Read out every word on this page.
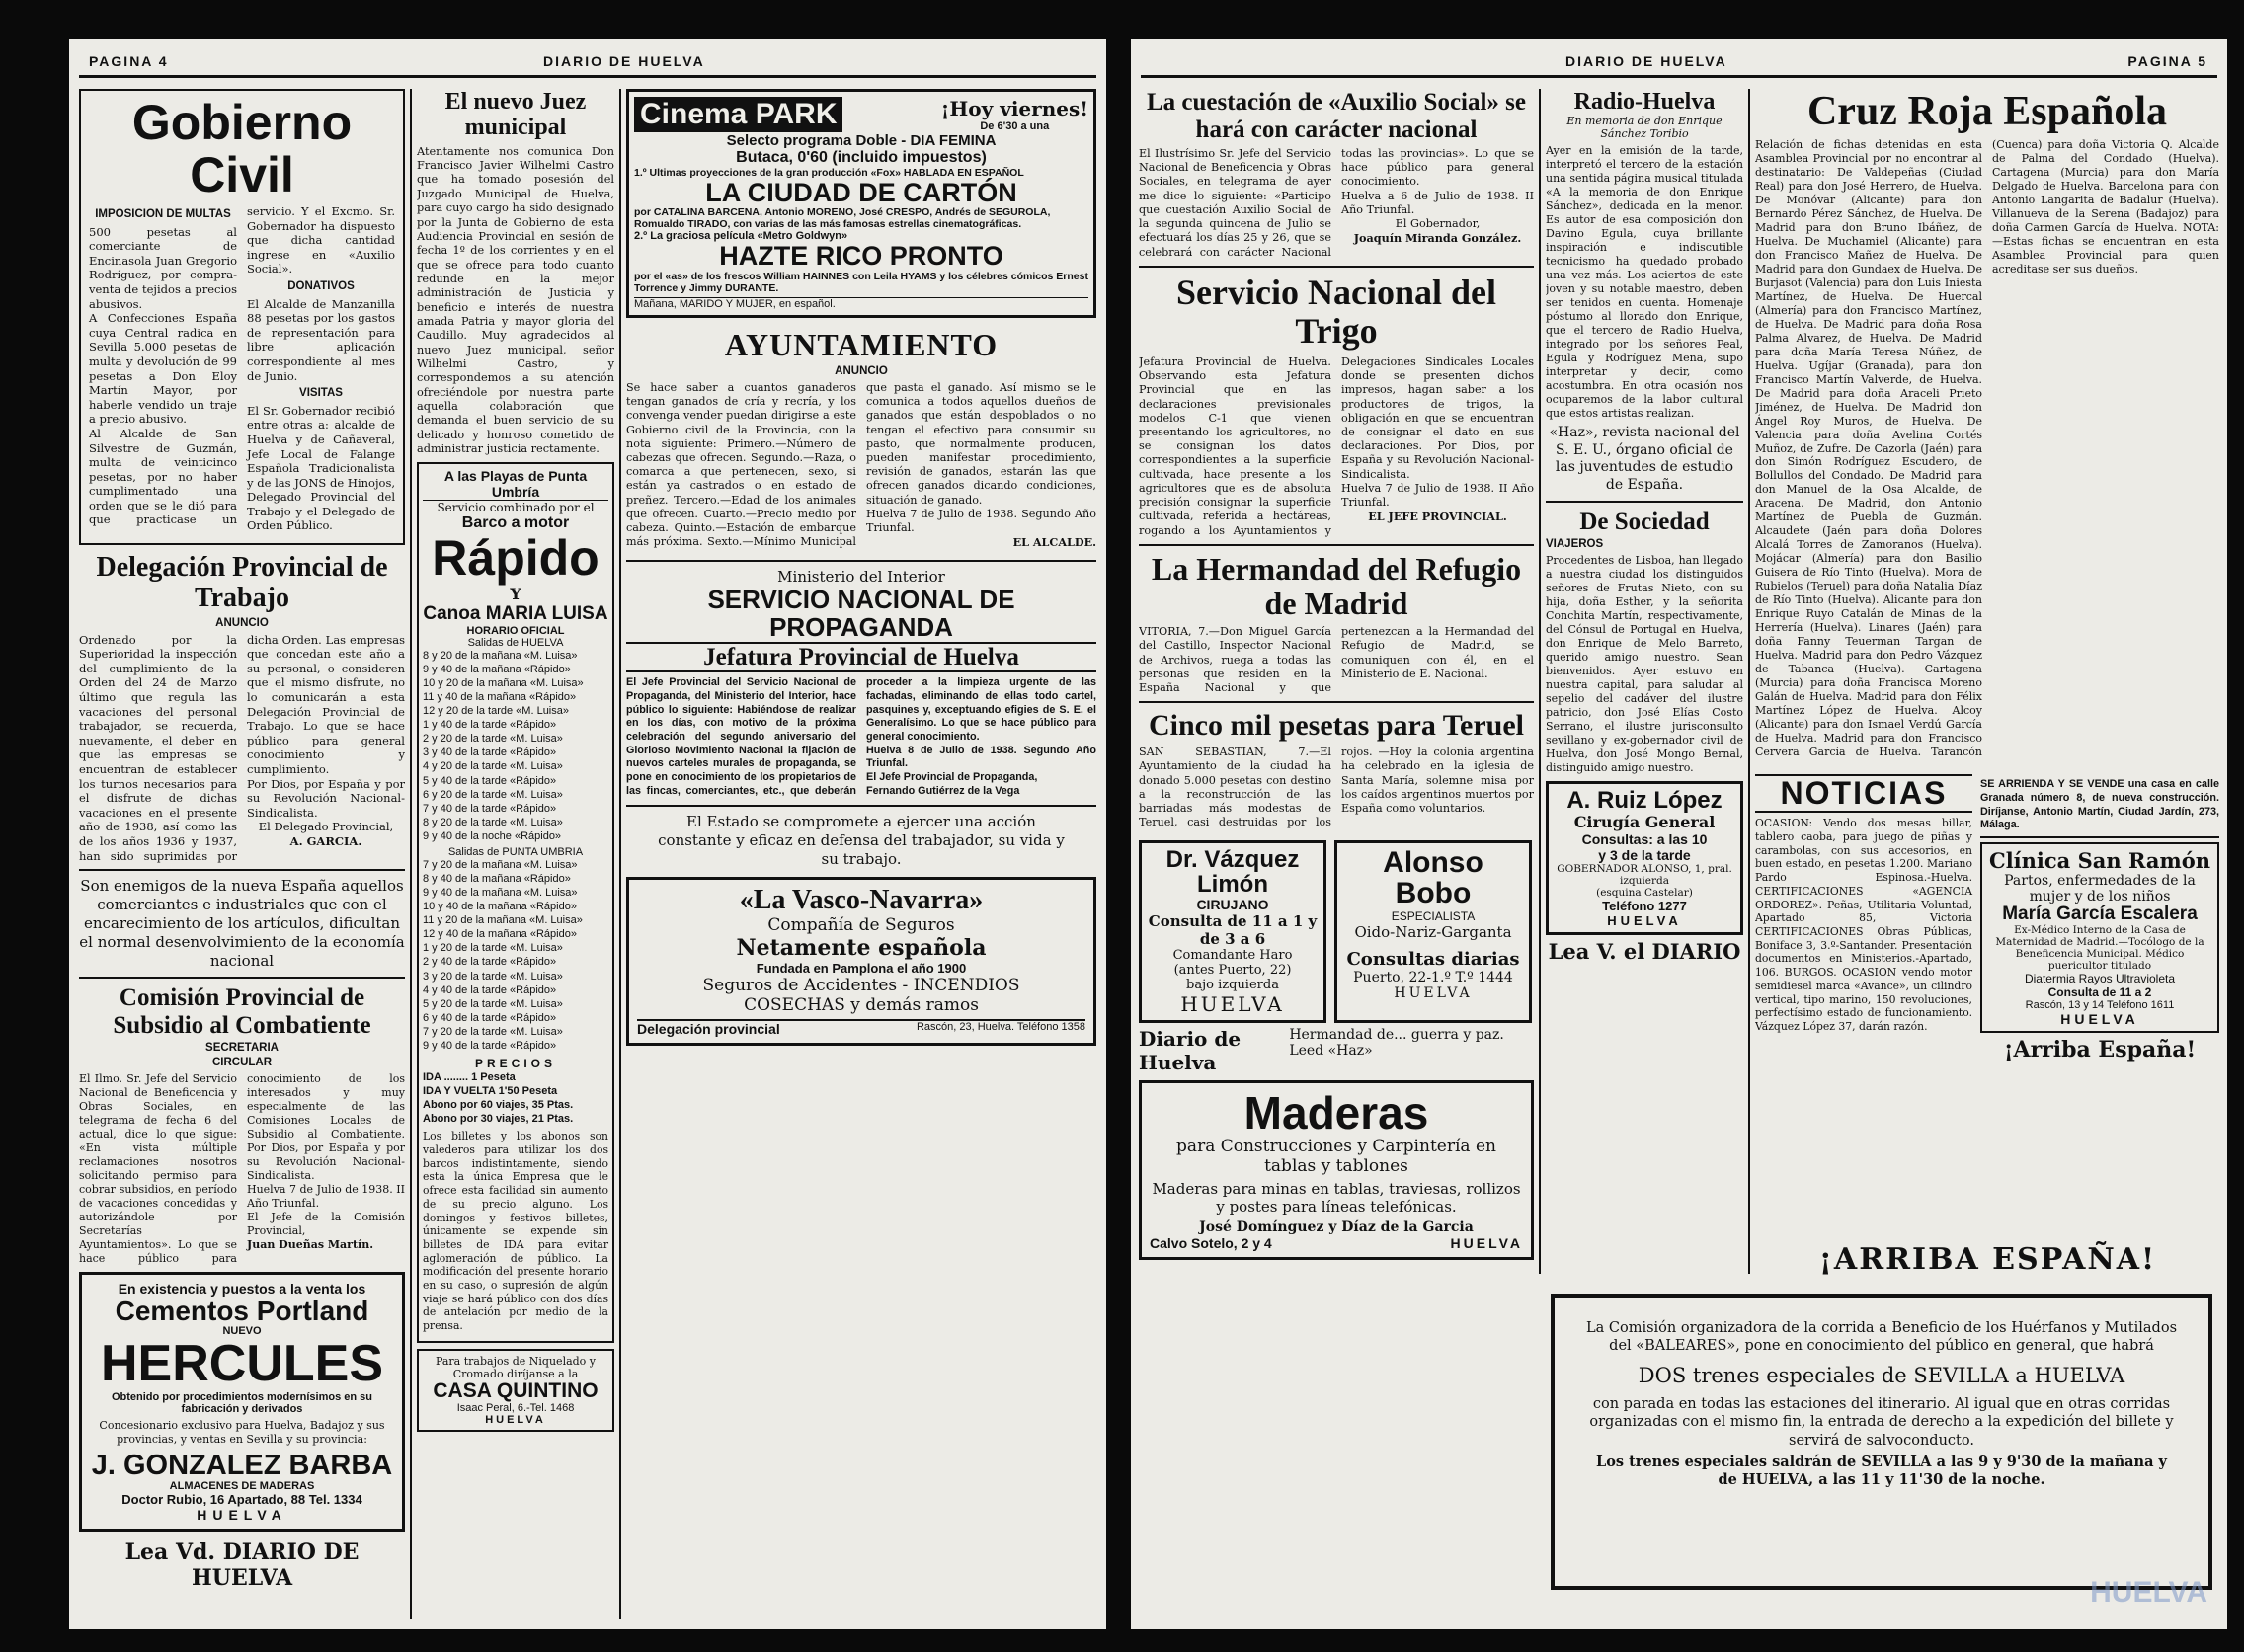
PAGINA 4	DIARIO DE HUELVA
Gobierno Civil
IMPOSICION DE MULTAS
500 pesetas al comerciante de Encinasola Juan Gregorio Rodríguez, por compra-venta de tejidos a precios abusivos.
A Confecciones España cuya Central radica en Sevilla 5.000 pesetas de multa y devolución de 99 pesetas a Don Eloy Martín Mayor, por haberle vendido un traje a precio abusivo.
Al Alcalde de San Silvestre de Guzmán, multa de veinticinco pesetas, por no haber cumplimentado una orden que se le dió para que practicase un servicio. Y el Excmo. Sr. Gobernador ha dispuesto que dicha cantidad ingrese en «Auxilio Social».
DONATIVOS
El Alcalde de Manzanilla 88 pesetas por los gastos de representación para libre aplicación correspondiente al mes de Junio.
VISITAS
El Sr. Gobernador recibió entre otras a: alcalde de Huelva y de Cañaveral, Jefe Local de Falange Española Tradicionalista y de las JONS de Hinojos, Delegado Provincial del Trabajo y el Delegado de Orden Público.
Delegación Provincial de Trabajo
ANUNCIO
Ordenado por la Superioridad la inspección del cumplimiento de la Orden del 24 de Marzo último que regula las vacaciones del personal trabajador, se recuerda, nuevamente, el deber en que las empresas se encuentran de establecer los turnos necesarios para el disfrute de dichas vacaciones en el presente año de 1938, así como las de los años 1936 y 1937, han sido suprimidas por dicha Orden. Las empresas que concedan este año a su personal, o consideren que el mismo disfrute, no lo comunicarán a esta Delegación Provincial de Trabajo. Lo que se hace público para general conocimiento y cumplimiento.
Por Dios, por España y por su Revolución Nacional-Sindicalista.
El Delegado Provincial,
A. GARCIA.
Son enemigos de la nueva España aquellos comerciantes e industriales que con el encarecimiento de los artículos, dificultan el normal desenvolvimiento de la economía nacional
Comisión Provincial de Subsidio al Combatiente
SECRETARIA
CIRCULAR
El Ilmo. Sr. Jefe del Servicio Nacional de Beneficencia y Obras Sociales, en telegrama de fecha 6 del actual, dice lo que sigue: «En vista múltiple reclamaciones nosotros solicitando permiso para cobrar subsidios, en período de vacaciones concedidas y autorizándole por Secretarías Ayuntamientos». Lo que se hace público para conocimiento de los interesados y muy especialmente de las Comisiones Locales de Subsidio al Combatiente. Por Dios, por España y por su Revolución Nacional-Sindicalista.
Huelva 7 de Julio de 1938. II Año Triunfal.
El Jefe de la Comisión Provincial,
Juan Dueñas Martín.
En existencia y puestos a la venta los
Cementos Portland
NUEVO
HERCULES
Obtenido por procedimientos modernísimos en su fabricación y derivados
Concesionario exclusivo para Huelva, Badajoz y sus provincias, y ventas en Sevilla y su provincia:
J. GONZALEZ BARBA
ALMACENES DE MADERAS
Doctor Rubio, 16 Apartado, 88 Tel. 1334
HUELVA
Lea Vd. DIARIO DE HUELVA
El nuevo Juez municipal
Atentamente nos comunica Don Francisco Javier Wilhelmi Castro que ha tomado posesión del Juzgado Municipal de Huelva, para cuyo cargo ha sido designado por la Junta de Gobierno de esta Audiencia Provincial en sesión de fecha 1º de los corrientes y en el que se ofrece para todo cuanto redunde en la mejor administración de Justicia y beneficio e interés de nuestra amada Patria y mayor gloria del Caudillo. Muy agradecidos al nuevo Juez municipal, señor Wilhelmi Castro, y correspondemos a su atención ofreciéndole por nuestra parte aquella colaboración que demanda el buen servicio de su delicado y honroso cometido de administrar justicia rectamente.
A las Playas de Punta Umbría
Servicio combinado por el
Barco a motor
Rápido
Y
Canoa MARIA LUISA
HORARIO OFICIAL
Salidas de HUELVA
8 y 20 de la mañana «M. Luisa»
9 y 40 de la mañana «Rápido»
10 y 20 de la mañana «M. Luisa»
11 y 40 de la mañana «Rápido»
12 y 20 de la tarde «M. Luisa»
1 y 40 de la tarde «Rápido»
2 y 20 de la tarde «M. Luisa»
3 y 40 de la tarde «Rápido»
4 y 20 de la tarde «M. Luisa»
5 y 40 de la tarde «Rápido»
6 y 20 de la tarde «M. Luisa»
7 y 40 de la tarde «Rápido»
8 y 20 de la tarde «M. Luisa»
9 y 40 de la noche «Rápido»
Salidas de PUNTA UMBRIA
7 y 20 de la mañana «M. Luisa»
8 y 40 de la mañana «Rápido»
9 y 40 de la mañana «M. Luisa»
10 y 40 de la mañana «Rápido»
11 y 20 de la mañana «M. Luisa»
12 y 40 de la mañana «Rápido»
1 y 20 de la tarde «M. Luisa»
2 y 40 de la tarde «Rápido»
3 y 20 de la tarde «M. Luisa»
4 y 40 de la tarde «Rápido»
5 y 20 de la tarde «M. Luisa»
6 y 40 de la tarde «Rápido»
7 y 20 de la tarde «M. Luisa»
9 y 40 de la tarde «Rápido»
PRECIOS
IDA ........ 1 Peseta
IDA Y VUELTA 1'50 Peseta
Abono por 60 viajes, 35 Ptas.
Abono por 30 viajes, 21 Ptas.
Los billetes y los abonos son valederos para utilizar los dos barcos indistintamente, siendo esta la única Empresa que le ofrece esta facilidad sin aumento de su precio alguno. Los domingos y festivos billetes, únicamente se expende sin billetes de IDA para evitar aglomeración de público. La modificación del presente horario en su caso, o supresión de algún viaje se hará público con dos días de antelación por medio de la prensa.
Para trabajos de Niquelado y Cromado diríjanse a la
CASA QUINTINO
Isaac Peral, 6.-Tel. 1468
HUELVA
Cinema PARK	¡Hoy viernes!
De 6'30 a una
Selecto programa Doble - DIA FEMINA
Butaca, 0'60 (incluido impuestos)
1.º Ultimas proyecciones de la gran producción «Fox» HABLADA EN ESPAÑOL
LA CIUDAD DE CARTÓN
por CATALINA BARCENA, Antonio MORENO, José CRESPO, Andrés de SEGUROLA, Romualdo TIRADO, con varias de las más famosas estrellas cinematográficas.
2.º La graciosa película «Metro Goldwyn»
HAZTE RICO PRONTO
por el «as» de los frescos William HAINNES con Leila HYAMS y los célebres cómicos Ernest Torrence y Jimmy DURANTE.
Mañana, MARIDO Y MUJER, en español.
AYUNTAMIENTO
ANUNCIO
Se hace saber a cuantos ganaderos tengan ganados de cría y recría, y los convenga vender puedan dirigirse a este Gobierno civil de la Provincia, con la nota siguiente: Primero.—Número de cabezas que ofrecen. Segundo.—Raza, o comarca a que pertenecen, sexo, si están ya castrados o en estado de preñez. Tercero.—Edad de los animales que ofrecen. Cuarto.—Precio medio por cabeza. Quinto.—Estación de embarque más próxima. Sexto.—Mínimo Municipal que pasta el ganado. Así mismo se le comunica a todos aquellos dueños de ganados que están despoblados o no tengan el efectivo para consumir su pasto, que normalmente producen, pueden manifestar procedimiento, revisión de ganados, estarán las que ofrecen ganados dicando condiciones, situación de ganado.
Huelva 7 de Julio de 1938. Segundo Año Triunfal.
EL ALCALDE.
Ministerio del Interior
SERVICIO NACIONAL DE PROPAGANDA
Jefatura Provincial de Huelva
El Jefe Provincial del Servicio Nacional de Propaganda, del Ministerio del Interior, hace público lo siguiente: Habiéndose de realizar en los días, con motivo de la próxima celebración del segundo aniversario del Glorioso Movimiento Nacional la fijación de nuevos carteles murales de propaganda, se pone en conocimiento de los propietarios de las fincas, comerciantes, etc., que deberán proceder a la limpieza urgente de las fachadas, eliminando de ellas todo cartel, pasquines y, exceptuando efigies de S. E. el Generalísimo. Lo que se hace público para general conocimiento.
Huelva 8 de Julio de 1938. Segundo Año Triunfal.
El Jefe Provincial de Propaganda,
Fernando Gutiérrez de la Vega
El Estado se compromete a ejercer una acción constante y eficaz en defensa del trabajador, su vida y su trabajo.
«La Vasco-Navarra»
Compañía de Seguros
Netamente española
Fundada en Pamplona el año 1900
Seguros de Accidentes - INCENDIOS
COSECHAS y demás ramos
Delegación provincial	Rascón, 23, Huelva. Teléfono 1358
DIARIO DE HUELVA	PAGINA 5
La cuestación de «Auxilio Social» se hará con carácter nacional
El Ilustrísimo Sr. Jefe del Servicio Nacional de Beneficencia y Obras Sociales, en telegrama de ayer me dice lo siguiente: «Participo que cuestación Auxilio Social de la segunda quincena de Julio se efectuará los días 25 y 26, que se celebrará con carácter Nacional todas las provincias». Lo que se hace público para general conocimiento.
Huelva a 6 de Julio de 1938. II Año Triunfal.
El Gobernador,
Joaquín Miranda González.
Servicio Nacional del Trigo
Jefatura Provincial de Huelva. Observando esta Jefatura Provincial que en las declaraciones previsionales modelos C-1 que vienen presentando los agricultores, no se consignan los datos correspondientes a la superficie cultivada, hace presente a los agricultores que es de absoluta precisión consignar la superficie cultivada, referida a hectáreas, rogando a los Ayuntamientos y Delegaciones Sindicales Locales donde se presenten dichos impresos, hagan saber a los productores de trigos, la obligación en que se encuentran de consignar el dato en sus declaraciones. Por Dios, por España y su Revolución Nacional-Sindicalista.
Huelva 7 de Julio de 1938. II Año Triunfal.
EL JEFE PROVINCIAL.
La Hermandad del Refugio de Madrid
VITORIA, 7.—Don Miguel García del Castillo, Inspector Nacional de Archivos, ruega a todas las personas que residen en la España Nacional y que pertenezcan a la Hermandad del Refugio de Madrid, se comuniquen con él, en el Ministerio de E. Nacional.
Cinco mil pesetas para Teruel
SAN SEBASTIAN, 7.—El Ayuntamiento de la ciudad ha donado 5.000 pesetas con destino a la reconstrucción de las barriadas más modestas de Teruel, casi destruidas por los rojos. —Hoy la colonia argentina ha celebrado en la iglesia de Santa María, solemne misa por los caídos argentinos muertos por España como voluntarios.
Dr. Vázquez Limón
CIRUJANO
Consulta de 11 a 1 y de 3 a 6
Comandante Haro
(antes Puerto, 22)
bajo izquierda
HUELVA
Alonso Bobo
ESPECIALISTA
Oido-Nariz-Garganta
Consultas diarias
Puerto, 22-1.º T.º 1444
HUELVA
Diario de Huelva
Hermandad de... guerra y paz. Leed «Haz»
Maderas
para Construcciones y Carpintería en tablas y tablones
Maderas para minas en tablas, traviesas, rollizos y postes para líneas telefónicas.
José Domínguez y Díaz de la Garcia
Calvo Sotelo, 2 y 4	HUELVA
Radio-Huelva
En memoria de don Enrique Sánchez Toribio
Ayer en la emisión de la tarde, interpretó el tercero de la estación una sentida página musical titulada «A la memoria de don Enrique Sánchez», dedicada en la menor. Es autor de esa composición don Davino Egula, cuya brillante inspiración e indiscutible tecnicismo ha quedado probado una vez más. Los aciertos de este joven y su notable maestro, deben ser tenidos en cuenta. Homenaje póstumo al llorado don Enrique, que el tercero de Radio Huelva, integrado por los señores Peal, Egula y Rodríguez Mena, supo interpretar y decir, como acostumbra. En otra ocasión nos ocuparemos de la labor cultural que estos artistas realizan.
«Haz», revista nacional del S. E. U., órgano oficial de las juventudes de estudio de España.
De Sociedad
VIAJEROS
Procedentes de Lisboa, han llegado a nuestra ciudad los distinguidos señores de Frutas Nieto, con su hija, doña Esther, y la señorita Conchita Martín, respectivamente, del Cónsul de Portugal en Huelva, don Enrique de Melo Barreto, querido amigo nuestro. Sean bienvenidos. Ayer estuvo en nuestra capital, para saludar al sepelio del cadáver del ilustre patricio, don José Elías Costo Serrano, el ilustre jurisconsulto sevillano y ex-gobernador civil de Huelva, don José Mongo Bernal, distinguido amigo nuestro.
A. Ruiz López
Cirugía General
Consultas: a las 10
y 3 de la tarde
GOBERNADOR ALONSO, 1, pral. izquierda
(esquina Castelar)
Teléfono 1277
HUELVA
Lea V. el DIARIO
Cruz Roja Española
Relación de fichas detenidas en esta Asamblea Provincial por no encontrar al destinatario: De Valdepeñas (Ciudad Real) para don José Herrero, de Huelva. De Monóvar (Alicante) para don Bernardo Pérez Sánchez, de Huelva. De Madrid para don Bruno Ibáñez, de Huelva. De Muchamiel (Alicante) para don Francisco Mañez de Huelva. De Madrid para don Gundaex de Huelva. De Burjasot (Valencia) para don Luis Iniesta Martínez, de Huelva. De Huercal (Almería) para don Francisco Martínez, de Huelva. De Madrid para doña Rosa Palma Alvarez, de Huelva. De Madrid para doña María Teresa Núñez, de Huelva. Ugíjar (Granada), para don Francisco Martín Valverde, de Huelva. De Madrid para doña Araceli Prieto Jiménez, de Huelva. De Madrid don Ángel Roy Muros, de Huelva. De Valencia para doña Avelina Cortés Muñoz, de Zufre. De Cazorla (Jaén) para don Simón Rodríguez Escudero, de Bollullos del Condado. De Madrid para don Manuel de la Osa Alcalde, de Aracena. De Madrid, don Antonio Martínez de Puebla de Guzmán. Alcaudete (Jaén para doña Dolores Alcalá Torres de Zamoranos (Huelva). Mojácar (Almería) para don Basilio Guisera de Río Tinto (Huelva). Mora de Rubielos (Teruel) para doña Natalia Díaz de Río Tinto (Huelva). Alicante para don Enrique Ruyo Catalán de Minas de la Herrería (Huelva). Linares (Jaén) para doña Fanny Teuerman Targan de Huelva. Madrid para don Pedro Vázquez de Tabanca (Huelva). Cartagena (Murcia) para doña Francisca Moreno Galán de Huelva. Madrid para don Félix Martínez López de Huelva. Alcoy (Alicante) para don Ismael Verdú García de Huelva. Madrid para don Francisco Cervera García de Huelva. Tarancón (Cuenca) para doña Victoria Q. Alcalde de Palma del Condado (Huelva). Cartagena (Murcia) para don María Delgado de Huelva. Barcelona para don Antonio Langarita de Badalur (Huelva). Villanueva de la Serena (Badajoz) para doña Carmen García de Huelva. NOTA:—Estas fichas se encuentran en esta Asamblea Provincial para quien acreditase ser sus dueños.
NOTICIAS
OCASION: Vendo dos mesas billar, tablero caoba, para juego de piñas y carambolas, con sus accesorios, en buen estado, en pesetas 1.200. Mariano Pardo Espinosa.-Huelva. CERTIFICACIONES «AGENCIA ORDOREZ». Peñas, Utilitaria Voluntad, Apartado 85, Victoria CERTIFICACIONES Obras Públicas, Boniface 3, 3.º-Santander. Presentación documentos en Ministerios.-Apartado, 106. BURGOS. OCASION vendo motor semidiesel marca «Avance», un cilindro vertical, tipo marino, 150 revoluciones, perfectísimo estado de funcionamiento. Vázquez López 37, darán razón.
SE ARRIENDA Y SE VENDE una casa en calle Granada número 8, de nueva construcción. Diríjanse, Antonio Martín, Ciudad Jardín, 273, Málaga.
Clínica San Ramón
Partos, enfermedades de la mujer y de los niños
María García Escalera
Ex-Médico Interno de la Casa de Maternidad de Madrid.—Tocólogo de la Beneficencia Municipal. Médico puericultor titulado
Diatermia Rayos Ultravioleta
Consulta de 11 a 2
Rascón, 13 y 14 Teléfono 1611
HUELVA
¡Arriba España!
¡ARRIBA ESPAÑA!
La Comisión organizadora de la corrida a Beneficio de los Huérfanos y Mutilados del «BALEARES», pone en conocimiento del público en general, que habrá
DOS trenes especiales de SEVILLA a HUELVA
con parada en todas las estaciones del itinerario. Al igual que en otras corridas organizadas con el mismo fin, la entrada de derecho a la expedición del billete y servirá de salvoconducto.
Los trenes especiales saldrán de SEVILLA a las 9 y 9'30 de la mañana y de HUELVA, a las 11 y 11'30 de la noche.
HUELVA
